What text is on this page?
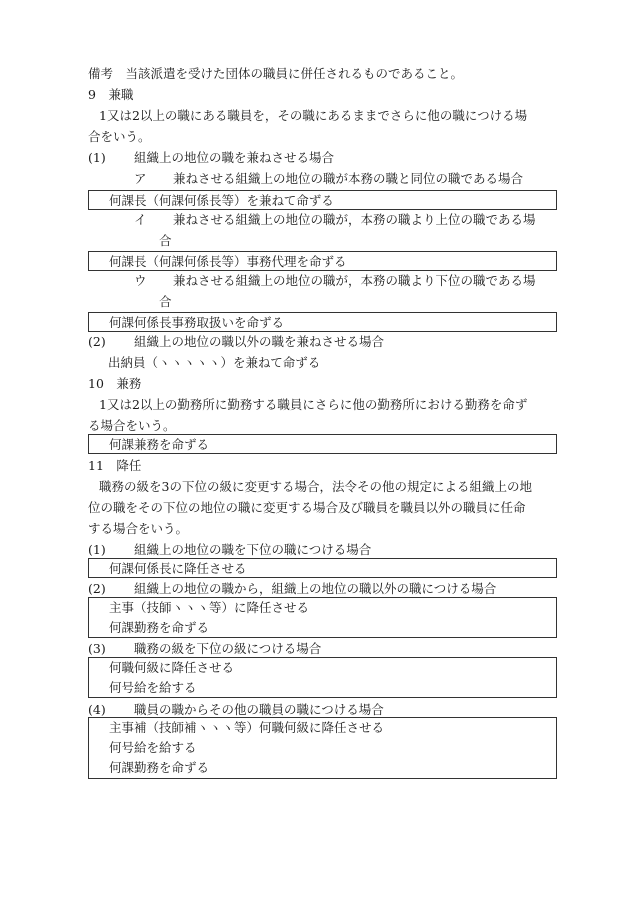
備考　当該派遣を受けた団体の職員に併任されるものであること。
9　兼職
1又は2以上の職にある職員を，その職にあるままでさらに他の職につける場
合をいう。
(1) 組織上の地位の職を兼ねさせる場合
ア 兼ねさせる組織上の地位の職が本務の職と同位の職である場合
何課長（何課何係長等）を兼ねて命ずる
イ 兼ねさせる組織上の地位の職が，本務の職より上位の職である場
合
何課長（何課何係長等）事務代理を命ずる
ウ 兼ねさせる組織上の地位の職が，本務の職より下位の職である場
合
何課何係長事務取扱いを命ずる
(2) 組織上の地位の職以外の職を兼ねさせる場合
出納員（ヽヽヽヽヽ）を兼ねて命ずる
10　兼務
1又は2以上の勤務所に勤務する職員にさらに他の勤務所における勤務を命ず
る場合をいう。
何課兼務を命ずる
11　降任
職務の級を3の下位の級に変更する場合，法令その他の規定による組織上の地
位の職をその下位の地位の職に変更する場合及び職員を職員以外の職員に任命
する場合をいう。
(1) 組織上の地位の職を下位の職につける場合
何課何係長に降任させる
(2) 組織上の地位の職から，組織上の地位の職以外の職につける場合
主事（技師ヽヽヽ等）に降任させる
何課勤務を命ずる
(3) 職務の級を下位の級につける場合
何職何級に降任させる
何号給を給する
(4) 職員の職からその他の職員の職につける場合
主事補（技師補ヽヽヽ等）何職何級に降任させる
何号給を給する
何課勤務を命ずる
